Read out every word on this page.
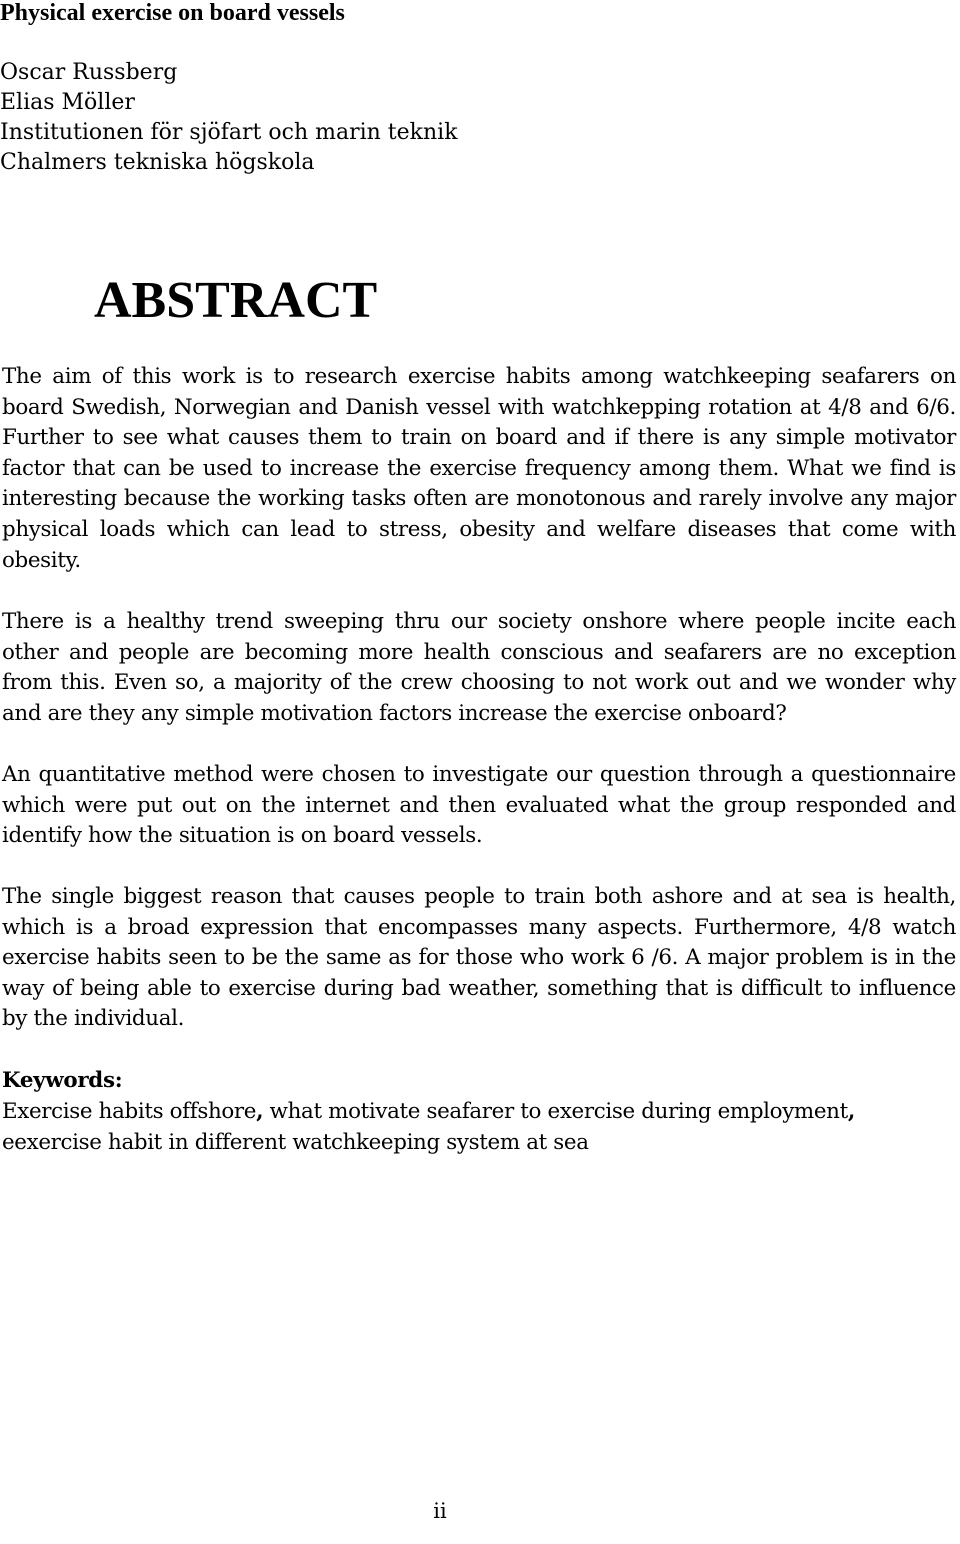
Physical exercise on board vessels
Oscar Russberg
Elias Möller
Institutionen för sjöfart och marin teknik
Chalmers tekniska högskola
ABSTRACT

The aim of this work is to research exercise habits among watchkeeping seafarers on board Swedish, Norwegian and Danish vessel with watchkepping rotation at 4/8 and 6/6. Further to see what causes them to train on board and if there is any simple motivator factor that can be used to increase the exercise frequency among them. What we find is interesting because the working tasks often are monotonous and rarely involve any major physical loads which can lead to stress, obesity and welfare diseases that come with obesity.

There is a healthy trend sweeping thru our society onshore where people incite each other and people are becoming more health conscious and seafarers are no exception from this. Even so, a majority of the crew choosing to not work out and we wonder why and are they any simple motivation factors increase the exercise onboard?

An quantitative method were chosen to investigate our question through a questionnaire which were put out on the internet and then evaluated what the group responded and identify how the situation is on board vessels.

The single biggest reason that causes people to train both ashore and at sea is health, which is a broad expression that encompasses many aspects. Furthermore, 4/8 watch exercise habits seen to be the same as for those who work 6 /6. A major problem is in the way of being able to exercise during bad weather, something that is difficult to influence by the individual.

Keywords:

Exercise habits offshore, what motivate seafarer to exercise during employment, eexercise habit in different watchkeeping system at sea

ii
